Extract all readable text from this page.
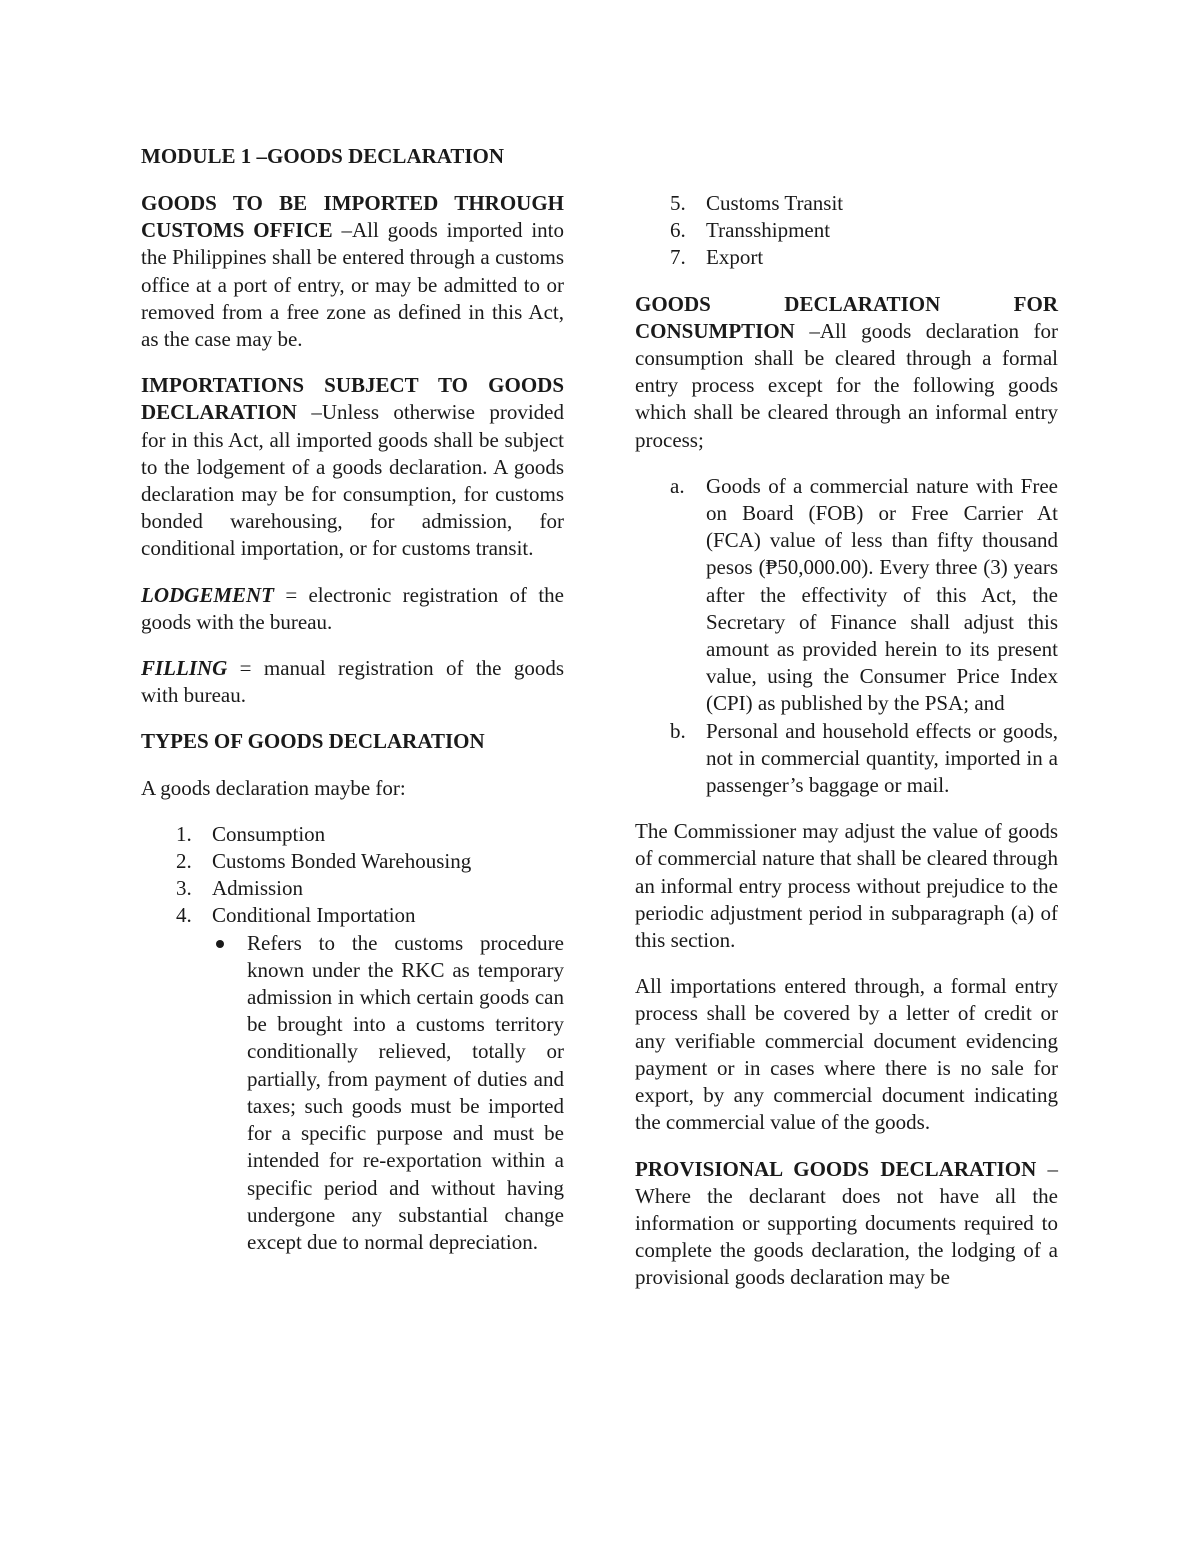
MODULE 1 –GOODS DECLARATION

GOODS TO BE IMPORTED THROUGH CUSTOMS OFFICE –All goods imported into the Philippines shall be entered through a customs office at a port of entry, or may be admitted to or removed from a free zone as defined in this Act, as the case may be.

IMPORTATIONS SUBJECT TO GOODS DECLARATION –Unless otherwise provided for in this Act, all imported goods shall be subject to the lodgement of a goods declaration. A goods declaration may be for consumption, for customs bonded warehousing, for admission, for conditional importation, or for customs transit.

LODGEMENT = electronic registration of the goods with the bureau.

FILLING = manual registration of the goods with bureau.

TYPES OF GOODS DECLARATION

A goods declaration maybe for:

1. Consumption
2. Customs Bonded Warehousing
3. Admission
4. Conditional Importation
Refers to the customs procedure known under the RKC as temporary admission in which certain goods can be brought into a customs territory conditionally relieved, totally or partially, from payment of duties and taxes; such goods must be imported for a specific purpose and must be intended for re-exportation within a specific period and without having undergone any substantial change except due to normal depreciation.
5. Customs Transit
6. Transshipment
7. Export

GOODS DECLARATION FOR CONSUMPTION –All goods declaration for consumption shall be cleared through a formal entry process except for the following goods which shall be cleared through an informal entry process;

a. Goods of a commercial nature with Free on Board (FOB) or Free Carrier At (FCA) value of less than fifty thousand pesos (₱50,000.00). Every three (3) years after the effectivity of this Act, the Secretary of Finance shall adjust this amount as provided herein to its present value, using the Consumer Price Index (CPI) as published by the PSA; and
b. Personal and household effects or goods, not in commercial quantity, imported in a passenger’s baggage or mail.

The Commissioner may adjust the value of goods of commercial nature that shall be cleared through an informal entry process without prejudice to the periodic adjustment period in subparagraph (a) of this section.

All importations entered through, a formal entry process shall be covered by a letter of credit or any verifiable commercial document evidencing payment or in cases where there is no sale for export, by any commercial document indicating the commercial value of the goods.

PROVISIONAL GOODS DECLARATION –Where the declarant does not have all the information or supporting documents required to complete the goods declaration, the lodging of a provisional goods declaration may be
